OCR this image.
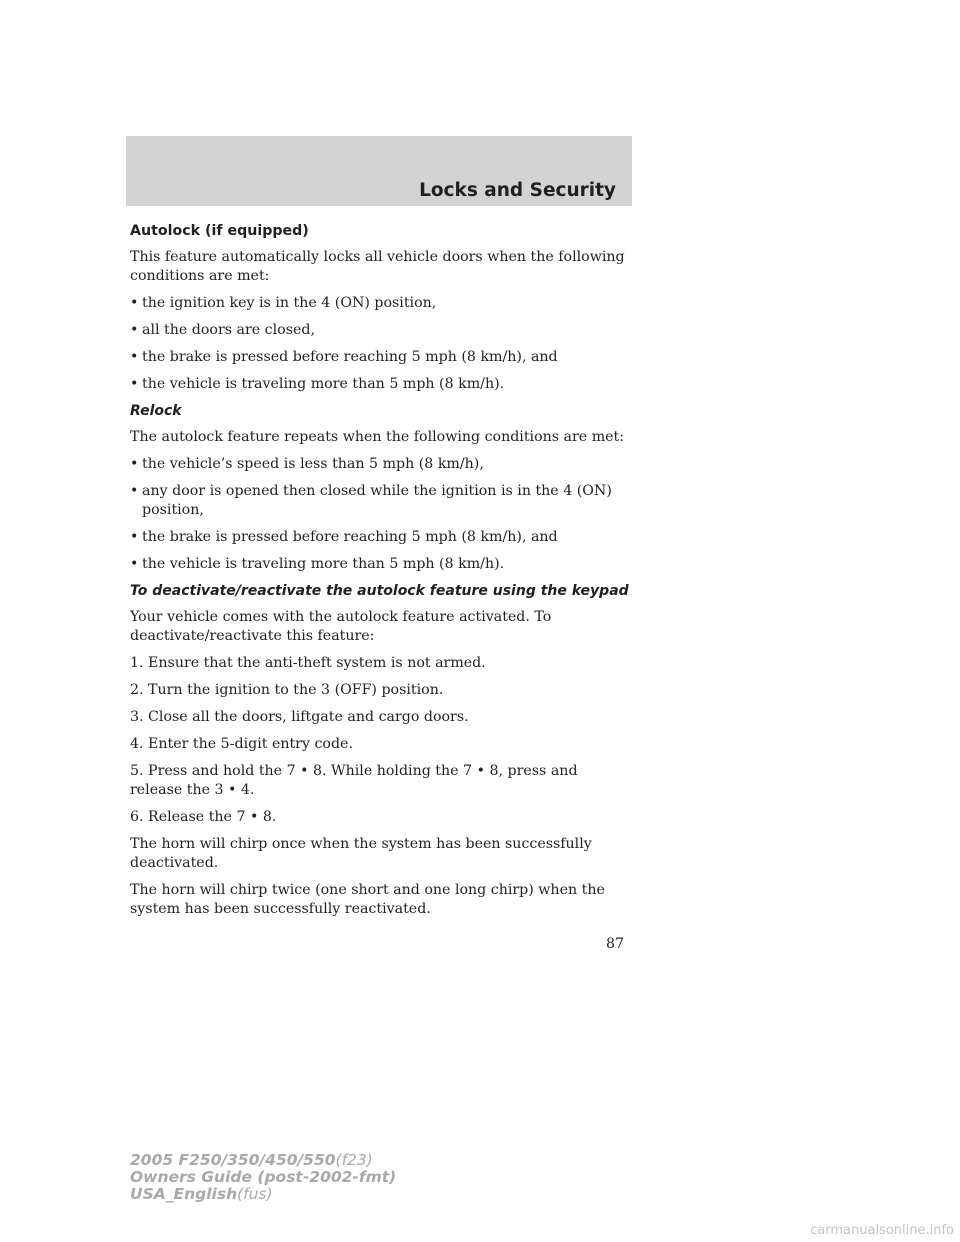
Locks and Security
Autolock (if equipped)

This feature automatically locks all vehicle doors when the following conditions are met:

• the ignition key is in the 4 (ON) position,
• all the doors are closed,
• the brake is pressed before reaching 5 mph (8 km/h), and
• the vehicle is traveling more than 5 mph (8 km/h).
Relock

The autolock feature repeats when the following conditions are met:

• the vehicle’s speed is less than 5 mph (8 km/h),
• any door is opened then closed while the ignition is in the 4 (ON) position,
• the brake is pressed before reaching 5 mph (8 km/h), and
• the vehicle is traveling more than 5 mph (8 km/h).
To deactivate/reactivate the autolock feature using the keypad

Your vehicle comes with the autolock feature activated. To deactivate/reactivate this feature:

1. Ensure that the anti-theft system is not armed.

2. Turn the ignition to the 3 (OFF) position.

3. Close all the doors, liftgate and cargo doors.

4. Enter the 5-digit entry code.

5. Press and hold the 7 • 8. While holding the 7 • 8, press and release the 3 • 4.

6. Release the 7 • 8.

The horn will chirp once when the system has been successfully deactivated.

The horn will chirp twice (one short and one long chirp) when the system has been successfully reactivated.

87
2005 F250/350/450/550(f23)
Owners Guide (post-2002-fmt)
USA_English(fus)
carmanualsonline.info
